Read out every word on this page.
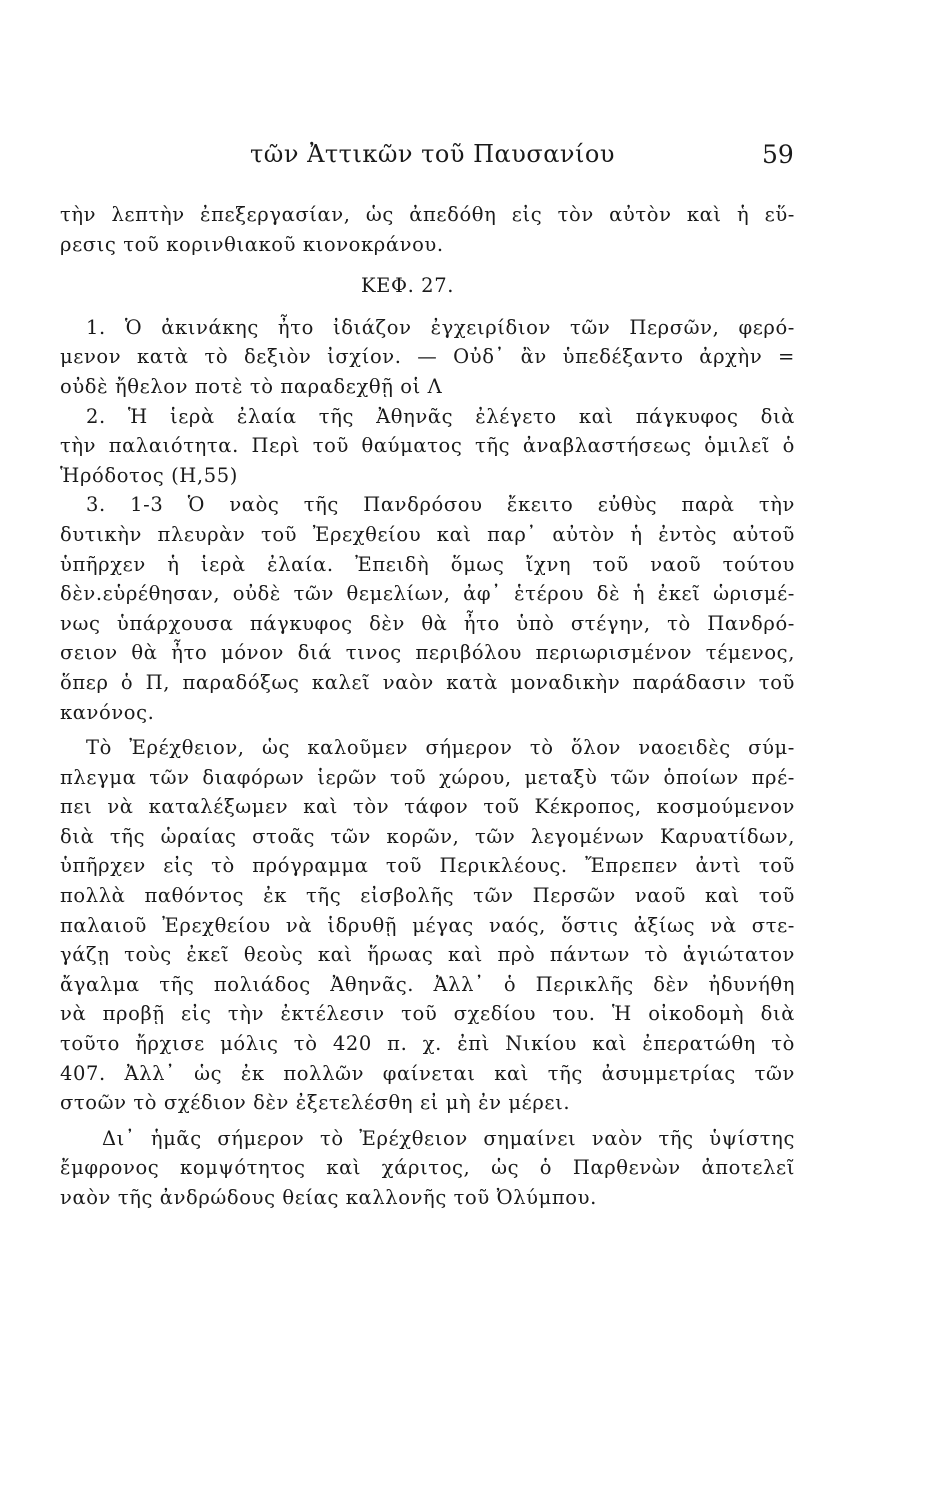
τῶν Ἀττικῶν τοῦ Παυσανίου	59
τὴν λεπτὴν ἐπεξεργασίαν, ὡς ἀπεδόθη εἰς τὸν αὐτὸν καὶ ἡ εὕ-
ρεσις τοῦ κορινθιακοῦ κιονοκράνου.
ΚΕΦ. 27.
1. Ὁ ἀκινάκης ἦτο ἰδιάζον ἐγχειρίδιον τῶν Περσῶν, φερό-
μενον κατὰ τὸ δεξιὸν ἰσχίον. — Οὐδ᾽ ἂν ὑπεδέξαντο ἀρχὴν =
οὐδὲ ἤθελον ποτὲ τὸ παραδεχθῇ οἱ Λ
2. Ἡ ἱερὰ ἐλαία τῆς Ἀθηνᾶς ἐλέγετο καὶ πάγκυφος διὰ
τὴν παλαιότητα. Περὶ τοῦ θαύματος τῆς ἀναβλαστήσεως ὁμιλεῖ ὁ
Ἡρόδοτος (Η,55)
3. 1-3 Ὁ ναὸς τῆς Πανδρόσου ἔκειτο εὐθὺς παρὰ τὴν
δυτικὴν πλευρὰν τοῦ Ἐρεχθείου καὶ παρ᾽ αὐτὸν ἡ ἐντὸς αὐτοῦ
ὑπῆρχεν ἡ ἱερὰ ἐλαία. Ἐπειδὴ ὅμως ἴχνη τοῦ ναοῦ τούτου
δὲν.εὑρέθησαν, οὐδὲ τῶν θεμελίων, ἀφ᾽ ἑτέρου δὲ ἡ ἐκεῖ ὡρισμέ-
νως ὑπάρχουσα πάγκυφος δὲν θὰ ἦτο ὑπὸ στέγην, τὸ Πανδρό-
σειον θὰ ἦτο μόνον διά τινος περιβόλου περιωρισμένον τέμενος,
ὅπερ ὁ Π, παραδόξως καλεῖ ναὸν κατὰ μοναδικὴν παράδασιν τοῦ
κανόνος.
Τὸ Ἐρέχθειον, ὡς καλοῦμεν σήμερον τὸ ὅλον ναοειδὲς σύμ-
πλεγμα τῶν διαφόρων ἱερῶν τοῦ χώρου, μεταξὺ τῶν ὁποίων πρέ-
πει νὰ καταλέξωμεν καὶ τὸν τάφον τοῦ Κέκροπος, κοσμούμενον
διὰ τῆς ὡραίας στοᾶς τῶν κορῶν, τῶν λεγομένων Καρυατίδων,
ὑπῆρχεν εἰς τὸ πρόγραμμα τοῦ Περικλέους. Ἔπρεπεν ἀντὶ τοῦ
πολλὰ παθόντος ἐκ τῆς εἰσβολῆς τῶν Περσῶν ναοῦ καὶ τοῦ
παλαιοῦ Ἐρεχθείου νὰ ἱδρυθῇ μέγας ναός, ὅστις ἀξίως νὰ στε-
γάζῃ τοὺς ἐκεῖ θεοὺς καὶ ἥρωας καὶ πρὸ πάντων τὸ ἁγιώτατον
ἄγαλμα τῆς πολιάδος Ἀθηνᾶς. Ἀλλ᾽ ὁ Περικλῆς δὲν ἠδυνήθη
νὰ προβῇ εἰς τὴν ἐκτέλεσιν τοῦ σχεδίου του. Ἡ οἰκοδομὴ διὰ
τοῦτο ἤρχισε μόλις τὸ 420 π. χ. ἐπὶ Νικίου καὶ ἐπερατώθη τὸ
407. Ἀλλ᾽ ὡς ἐκ πολλῶν φαίνεται καὶ τῆς ἀσυμμετρίας τῶν
στοῶν τὸ σχέδιον δὲν ἐξετελέσθη εἰ μὴ ἐν μέρει.
Δι᾽ ἡμᾶς σήμερον τὸ Ἐρέχθειον σημαίνει ναὸν τῆς ὑψίστης
ἔμφρονος κομψότητος καὶ χάριτος, ὡς ὁ Παρθενὼν ἀποτελεῖ
ναὸν τῆς ἀνδρώδους θείας καλλονῆς τοῦ Ὀλύμπου.
